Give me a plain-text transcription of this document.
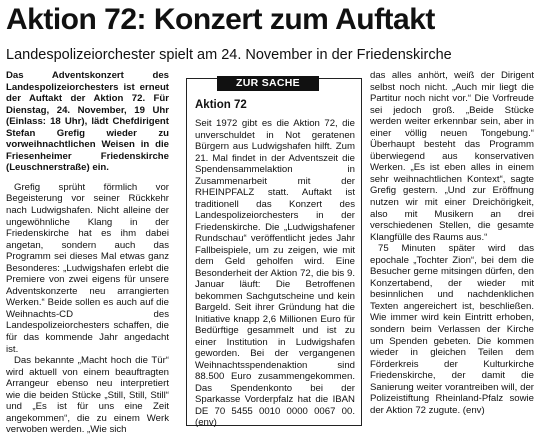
Aktion 72: Konzert zum Auftakt
Landespolizeiorchester spielt am 24. November in der Friedenskirche

Das Adventskonzert des Landespolizeiorchesters ist erneut der Auftakt der Aktion 72. Für Dienstag, 24. November, 19 Uhr (Einlass: 18 Uhr), lädt Chefdirigent Stefan Grefig wieder zu vorweihnachtlichen Weisen in die Friesenheimer Friedenskirche (Leuschnerstraße) ein.

Grefig sprüht förmlich vor Begeisterung vor seiner Rückkehr nach Ludwigshafen. Nicht alleine der ungewöhnliche Klang in der Friedenskirche hat es ihm dabei angetan, sondern auch das Programm sei dieses Mal etwas ganz Besonderes: „Ludwigshafen erlebt die Premiere von zwei eigens für unsere Adventskonzerte neu arrangierten Werken.“ Beide sollen es auch auf die Weihnachts-CD des Landespolizeiorchesters schaffen, die für das kommende Jahr angedacht ist.

Das bekannte „Macht hoch die Tür“ wird aktuell von einem beauftragten Arrangeur ebenso neu interpretiert wie die beiden Stücke „Still, Still, Still“ und „Es ist für uns eine Zeit angekommen“, die zu einem Werk verwoben werden. „Wie sich

ZUR SACHE
Aktion 72

Seit 1972 gibt es die Aktion 72, die unverschuldet in Not geratenen Bürgern aus Ludwigshafen hilft. Zum 21. Mal findet in der Adventszeit die Spendensammelaktion in Zusammenarbeit mit der RHEINPFALZ statt. Auftakt ist traditionell das Konzert des Landespolizeiorchesters in der Friedenskirche. Die „Ludwigshafener Rundschau“ veröffentlicht jedes Jahr Fallbeispiele, um zu zeigen, wie mit dem Geld geholfen wird. Eine Besonderheit der Aktion 72, die bis 9. Januar läuft: Die Betroffenen bekommen Sachgutscheine und kein Bargeld. Seit ihrer Gründung hat die Initiative knapp 2,6 Millionen Euro für Bedürftige gesammelt und ist zu einer Institution in Ludwigshafen geworden. Bei der vergangenen Weihnachtsspendenaktion sind 88.500 Euro zusammengekommen. Das Spendenkonto bei der Sparkasse Vorderpfalz hat die IBAN DE 70 5455 0010 0000 0067 00. (env)

das alles anhört, weiß der Dirigent selbst noch nicht. „Auch mir liegt die Partitur noch nicht vor.“ Die Vorfreude sei jedoch groß. „Beide Stücke werden weiter erkennbar sein, aber in einer völlig neuen Tongebung.“ Überhaupt besteht das Programm überwiegend aus konservativen Werken. „Es ist eben alles in einem sehr weihnachtlichen Kontext“, sagte Grefig gestern. „Und zur Eröffnung nutzen wir mit einer Dreichörigkeit, also mit Musikern an drei verschiedenen Stellen, die gesamte Klangfülle des Raums aus.“

75 Minuten später wird das epochale „Tochter Zion“, bei dem die Besucher gerne mitsingen dürfen, den Konzertabend, der wieder mit besinnlichen und nachdenklichen Texten angereichert ist, beschließen. Wie immer wird kein Eintritt erhoben, sondern beim Verlassen der Kirche um Spenden gebeten. Die kommen wieder in gleichen Teilen dem Förderkreis der Kulturkirche Friedenskirche, der damit die Sanierung weiter vorantreiben will, der Polizeistiftung Rheinland-Pfalz sowie der Aktion 72 zugute. (env)
